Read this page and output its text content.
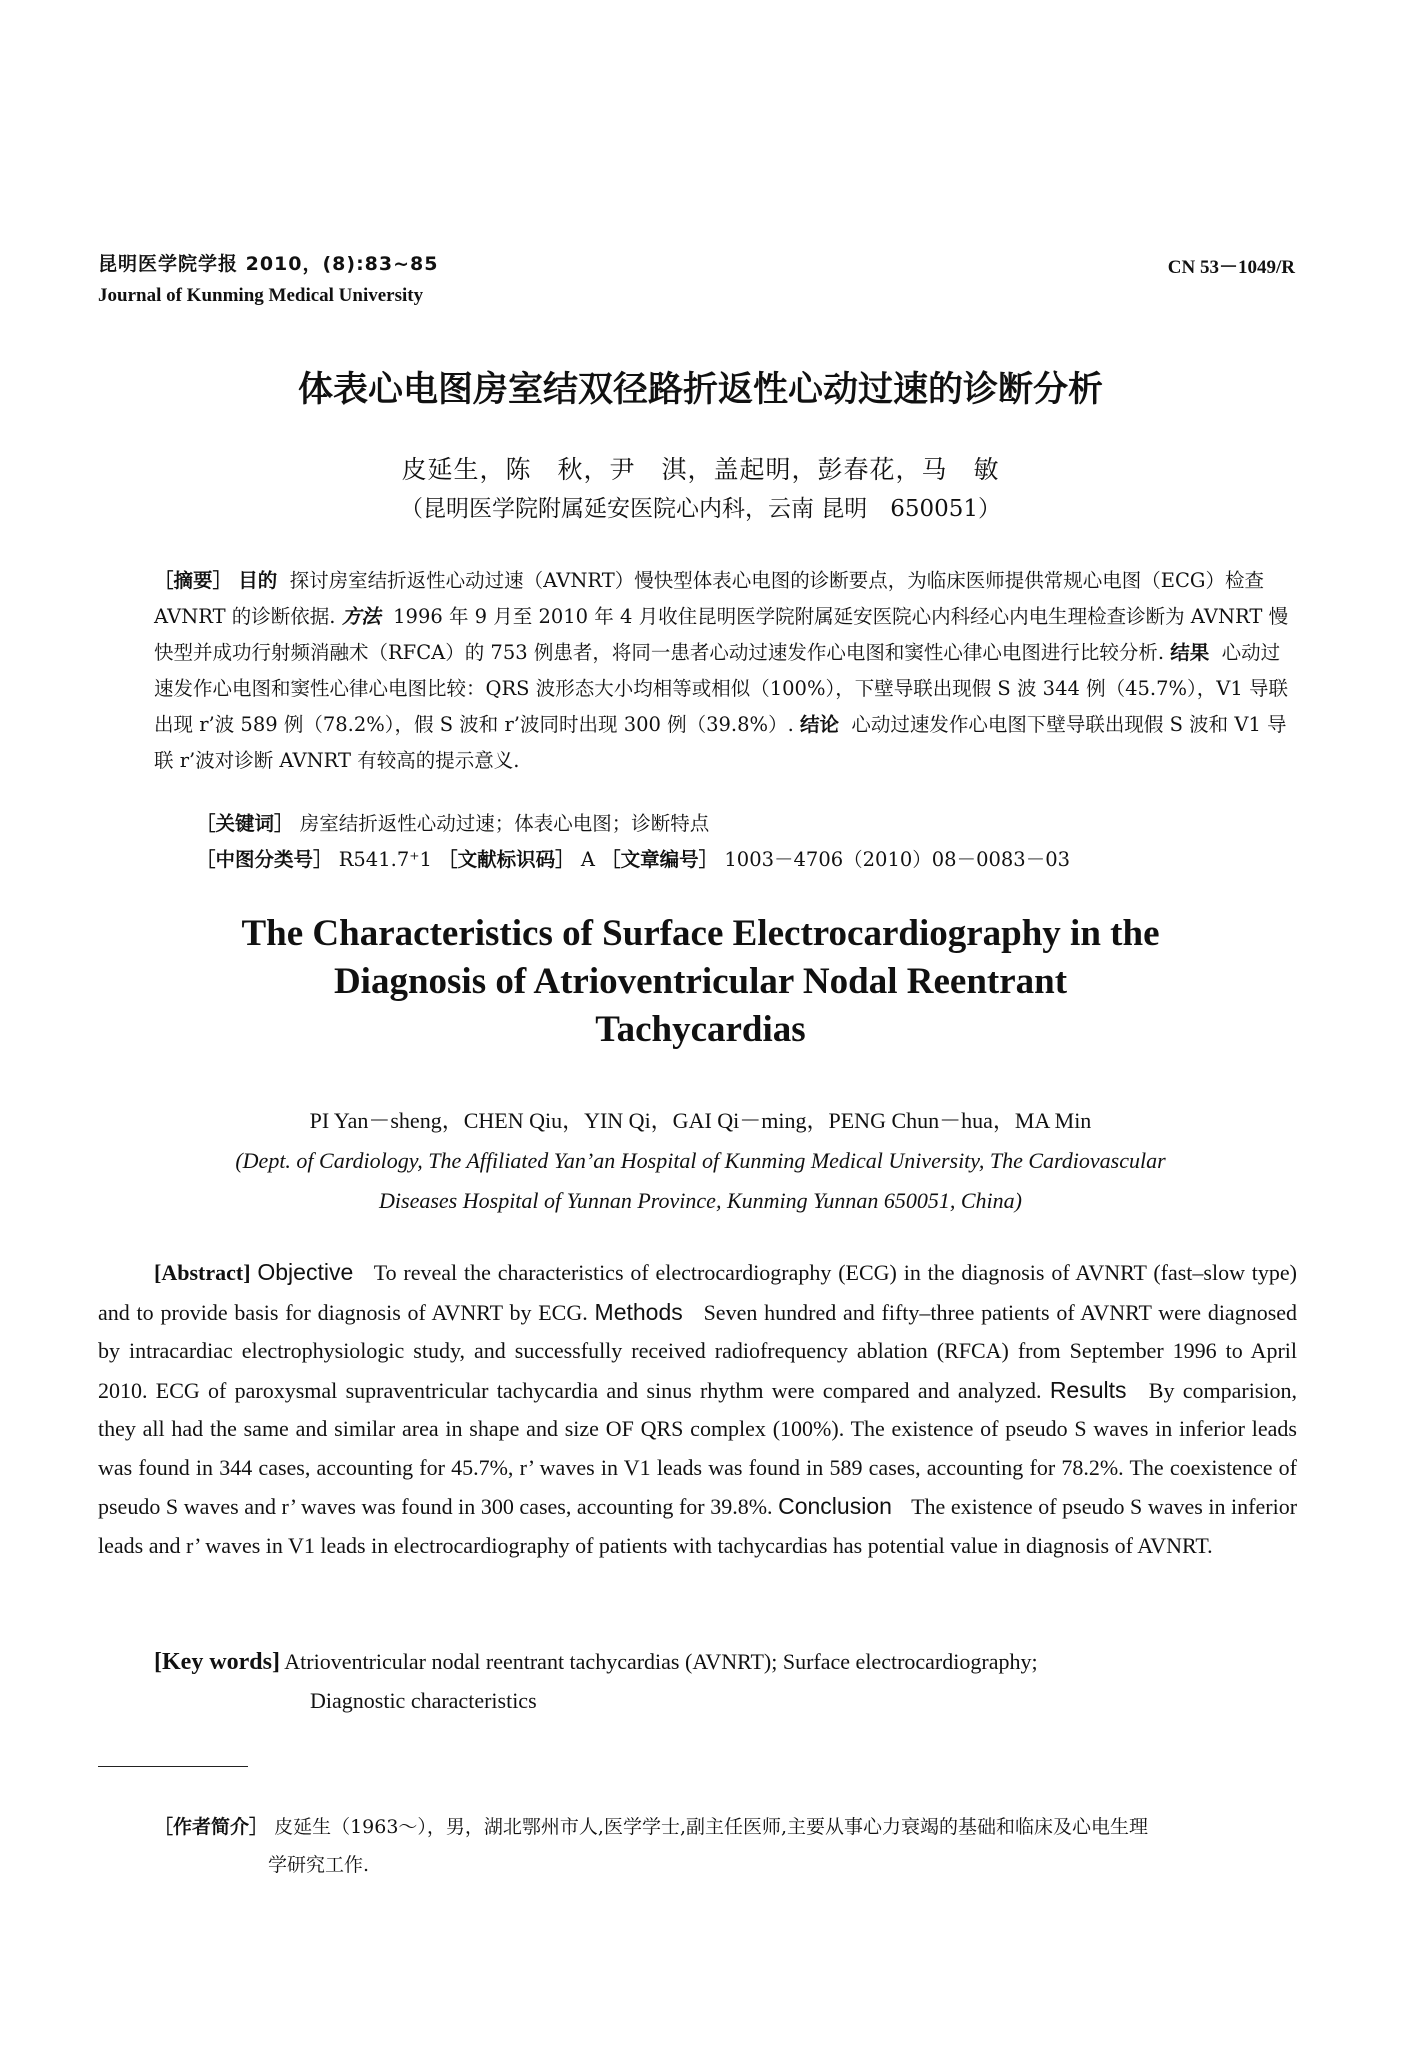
昆明医学院学报 2010，(8):83~85
Journal of Kunming Medical University
CN 53－1049/R
体表心电图房室结双径路折返性心动过速的诊断分析
皮延生，陈　秋，尹　淇，盖起明，彭春花，马　敏
（昆明医学院附属延安医院心内科，云南 昆明　650051）

［摘要］ 目的 探讨房室结折返性心动过速（AVNRT）慢快型体表心电图的诊断要点，为临床医师提供常规心电图（ECG）检查 AVNRT 的诊断依据. 方法 1996 年 9 月至 2010 年 4 月收住昆明医学院附属延安医院心内科经心内电生理检查诊断为 AVNRT 慢快型并成功行射频消融术（RFCA）的 753 例患者，将同一患者心动过速发作心电图和窦性心律心电图进行比较分析. 结果 心动过速发作心电图和窦性心律心电图比较：QRS 波形态大小均相等或相似（100%），下壁导联出现假 S 波 344 例（45.7%），V1 导联出现 r’波 589 例（78.2%），假 S 波和 r’波同时出现 300 例（39.8%）. 结论 心动过速发作心电图下壁导联出现假 S 波和 V1 导联 r’波对诊断 AVNRT 有较高的提示意义.

［关键词］ 房室结折返性心动过速；体表心电图；诊断特点
［中图分类号］ R541.7⁺1 ［文献标识码］ A ［文章编号］ 1003－4706（2010）08－0083－03
The Characteristics of Surface Electrocardiography in the
Diagnosis of Atrioventricular Nodal Reentrant
Tachycardias
PI Yan－sheng，CHEN Qiu，YIN Qi，GAI Qi－ming，PENG Chun－hua，MA Min
(Dept. of Cardiology, The Affiliated Yan’an Hospital of Kunming Medical University, The Cardiovascular
Diseases Hospital of Yunnan Province, Kunming Yunnan 650051, China)

[Abstract] Objective To reveal the characteristics of electrocardiography (ECG) in the diagnosis of AVNRT (fast–slow type) and to provide basis for diagnosis of AVNRT by ECG. Methods Seven hundred and fifty–three patients of AVNRT were diagnosed by intracardiac electrophysiologic study, and successfully received radiofrequency ablation (RFCA) from September 1996 to April 2010. ECG of paroxysmal supraventricular tachycardia and sinus rhythm were compared and analyzed. Results By comparision, they all had the same and similar area in shape and size OF QRS complex (100%). The existence of pseudo S waves in inferior leads was found in 344 cases, accounting for 45.7%, r’ waves in V1 leads was found in 589 cases, accounting for 78.2%. The coexistence of pseudo S waves and r’ waves was found in 300 cases, accounting for 39.8%. Conclusion The existence of pseudo S waves in inferior leads and r’ waves in V1 leads in electrocardiography of patients with tachycardias has potential value in diagnosis of AVNRT.

[Key words] Atrioventricular nodal reentrant tachycardias (AVNRT); Surface electrocardiography;
Diagnostic characteristics
［作者简介］ 皮延生（1963～），男，湖北鄂州市人,医学学士,副主任医师,主要从事心力衰竭的基础和临床及心电生理
学研究工作.
